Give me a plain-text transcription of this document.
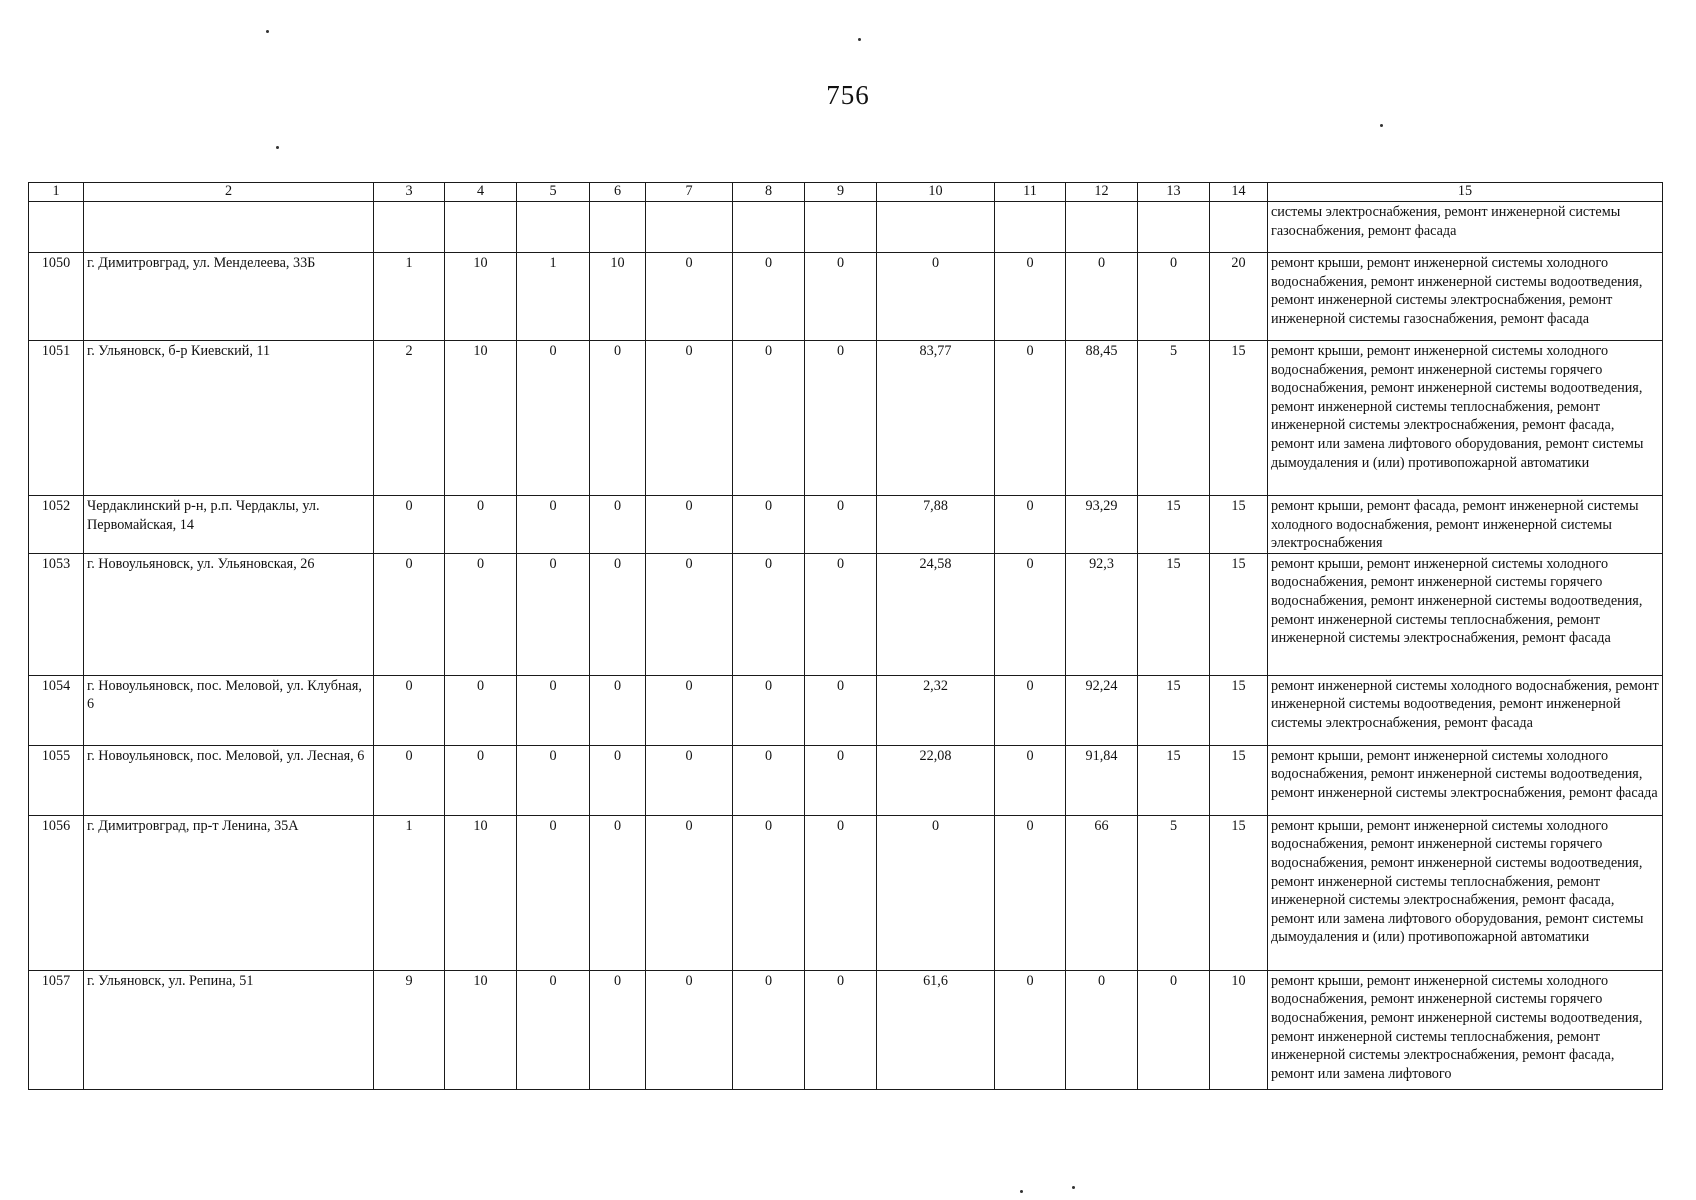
756
1	2	3	4	5	6	7	8	9	10	11	12	13	14	15
														системы электроснабжения, ремонт инженерной системы газоснабжения, ремонт фасада
1050	г. Димитровград, ул. Менделеева, 33Б	1	10	1	10	0	0	0	0	0	0	0	20	ремонт крыши, ремонт инженерной системы холодного водоснабжения, ремонт инженерной системы водоотведения, ремонт инженерной системы электроснабжения, ремонт инженерной системы газоснабжения, ремонт фасада
1051	г. Ульяновск, б-р Киевский, 11	2	10	0	0	0	0	0	83,77	0	88,45	5	15	ремонт крыши, ремонт инженерной системы холодного водоснабжения, ремонт инженерной системы горячего водоснабжения, ремонт инженерной системы водоотведения, ремонт инженерной системы теплоснабжения, ремонт инженерной системы электроснабжения, ремонт фасада, ремонт или замена лифтового оборудования, ремонт системы дымоудаления и (или) противопожарной автоматики
1052	Чердаклинский р-н, р.п. Чердаклы, ул. Первомайская, 14	0	0	0	0	0	0	0	7,88	0	93,29	15	15	ремонт крыши, ремонт фасада, ремонт инженерной системы холодного водоснабжения, ремонт инженерной системы электроснабжения
1053	г. Новоульяновск, ул. Ульяновская, 26	0	0	0	0	0	0	0	24,58	0	92,3	15	15	ремонт крыши, ремонт инженерной системы холодного водоснабжения, ремонт инженерной системы горячего водоснабжения, ремонт инженерной системы водоотведения, ремонт инженерной системы теплоснабжения, ремонт инженерной системы электроснабжения, ремонт фасада
1054	г. Новоульяновск, пос. Меловой, ул. Клубная, 6	0	0	0	0	0	0	0	2,32	0	92,24	15	15	ремонт инженерной системы холодного водоснабжения, ремонт инженерной системы водоотведения, ремонт инженерной системы электроснабжения, ремонт фасада
1055	г. Новоульяновск, пос. Меловой, ул. Лесная, 6	0	0	0	0	0	0	0	22,08	0	91,84	15	15	ремонт крыши, ремонт инженерной системы холодного водоснабжения, ремонт инженерной системы водоотведения, ремонт инженерной системы электроснабжения, ремонт фасада
1056	г. Димитровград, пр-т Ленина, 35А	1	10	0	0	0	0	0	0	0	66	5	15	ремонт крыши, ремонт инженерной системы холодного водоснабжения, ремонт инженерной системы горячего водоснабжения, ремонт инженерной системы водоотведения, ремонт инженерной системы теплоснабжения, ремонт инженерной системы электроснабжения, ремонт фасада, ремонт или замена лифтового оборудования, ремонт системы дымоудаления и (или) противопожарной автоматики
1057	г. Ульяновск, ул. Репина, 51	9	10	0	0	0	0	0	61,6	0	0	0	10	ремонт крыши, ремонт инженерной системы холодного водоснабжения, ремонт инженерной системы горячего водоснабжения, ремонт инженерной системы водоотведения, ремонт инженерной системы теплоснабжения, ремонт инженерной системы электроснабжения, ремонт фасада, ремонт или замена лифтового
